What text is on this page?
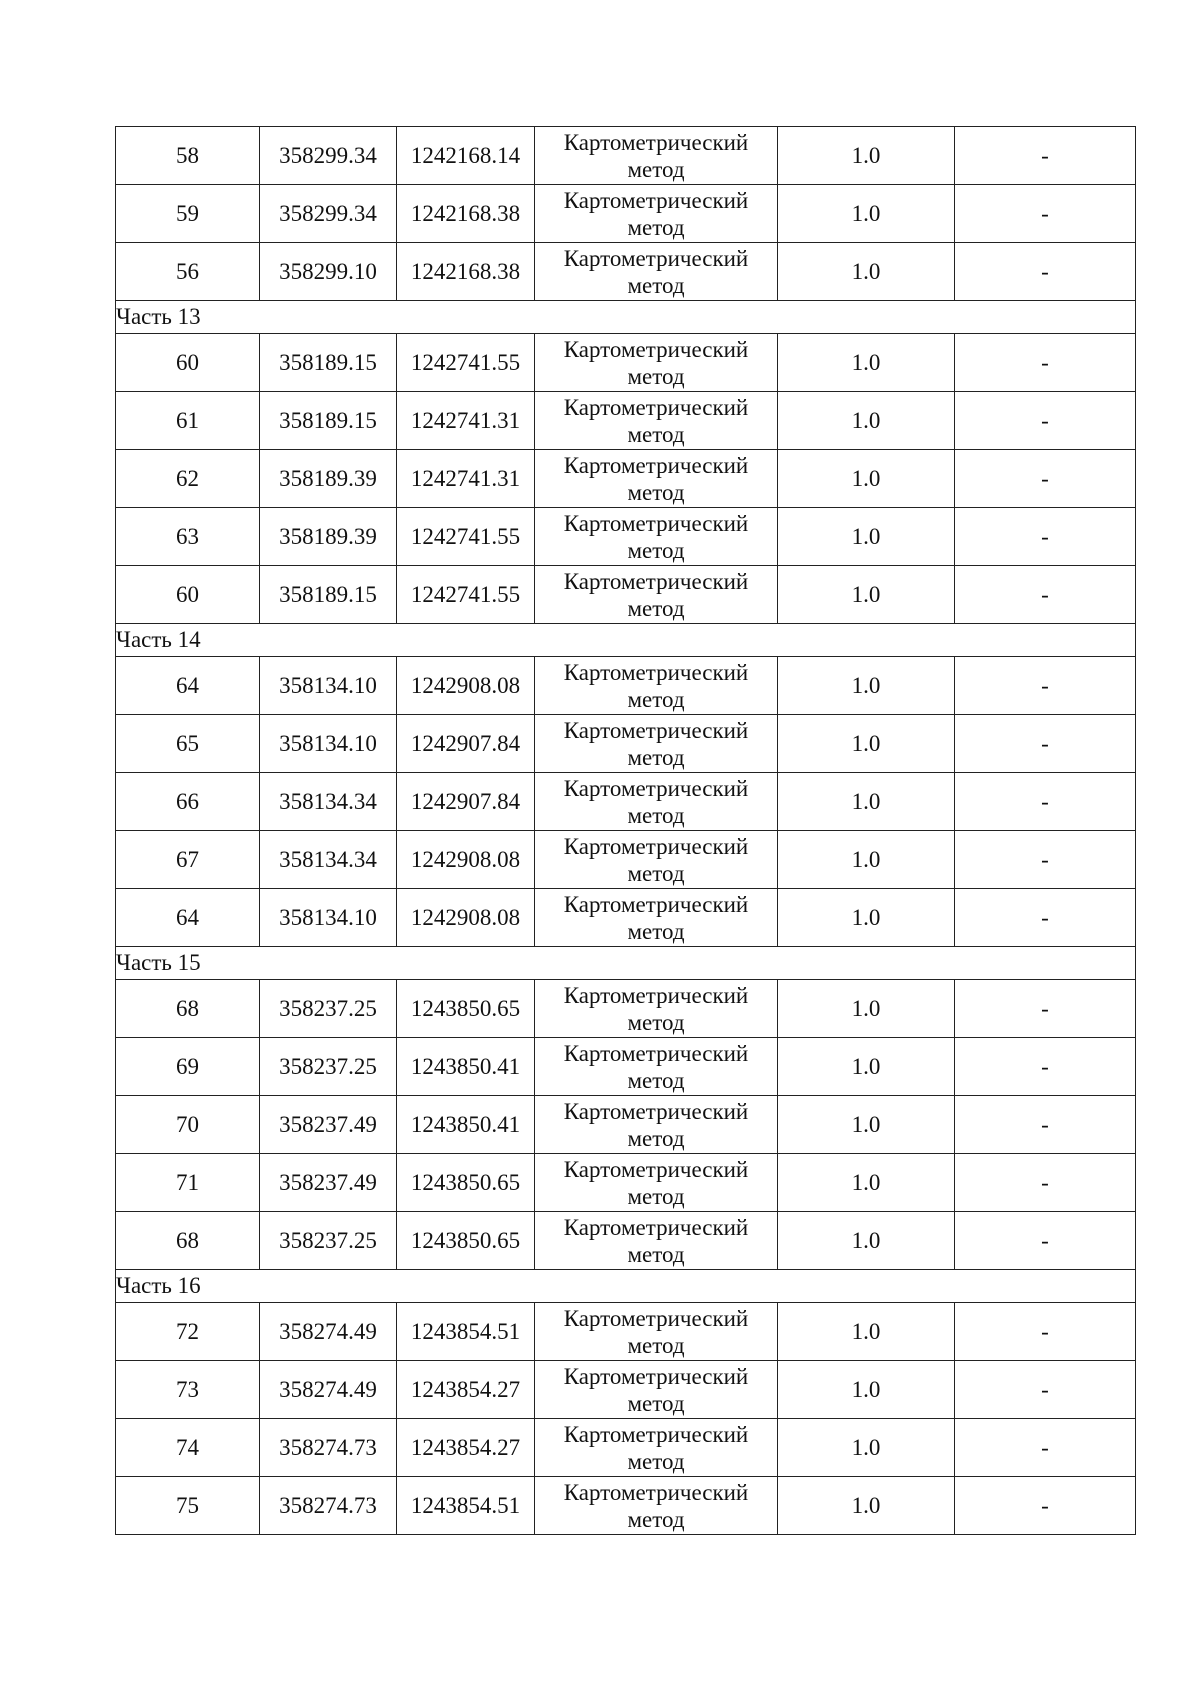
58	358299.34	1242168.14	Картометрический метод	1.0	-
59	358299.34	1242168.38	Картометрический метод	1.0	-
56	358299.10	1242168.38	Картометрический метод	1.0	-
Часть 13					
60	358189.15	1242741.55	Картометрический метод	1.0	-
61	358189.15	1242741.31	Картометрический метод	1.0	-
62	358189.39	1242741.31	Картометрический метод	1.0	-
63	358189.39	1242741.55	Картометрический метод	1.0	-
60	358189.15	1242741.55	Картометрический метод	1.0	-
Часть 14					
64	358134.10	1242908.08	Картометрический метод	1.0	-
65	358134.10	1242907.84	Картометрический метод	1.0	-
66	358134.34	1242907.84	Картометрический метод	1.0	-
67	358134.34	1242908.08	Картометрический метод	1.0	-
64	358134.10	1242908.08	Картометрический метод	1.0	-
Часть 15					
68	358237.25	1243850.65	Картометрический метод	1.0	-
69	358237.25	1243850.41	Картометрический метод	1.0	-
70	358237.49	1243850.41	Картометрический метод	1.0	-
71	358237.49	1243850.65	Картометрический метод	1.0	-
68	358237.25	1243850.65	Картометрический метод	1.0	-
Часть 16					
72	358274.49	1243854.51	Картометрический метод	1.0	-
73	358274.49	1243854.27	Картометрический метод	1.0	-
74	358274.73	1243854.27	Картометрический метод	1.0	-
75	358274.73	1243854.51	Картометрический метод	1.0	-
